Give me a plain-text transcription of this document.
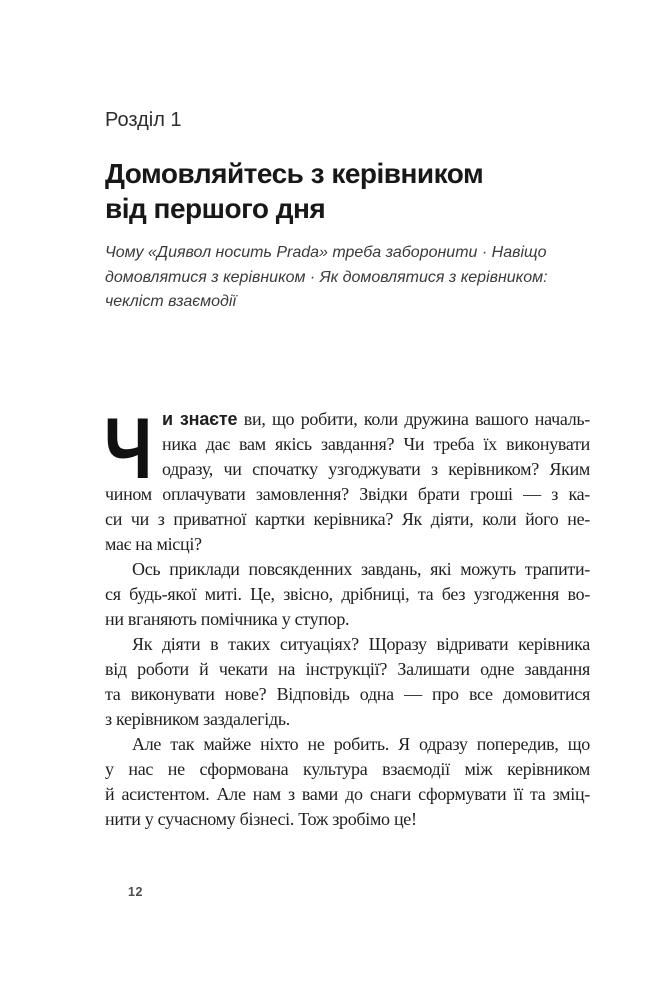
Розділ 1
Домовляйтесь з керівником
від першого дня
Чому «Диявол носить Prada» треба заборонити · Навіщо
домовлятися з керівником · Як домовлятися з керівником:
чекліст взаємодії
Ч и знаєте ви, що робити, коли дружина вашого началь-
ника дає вам якісь завдання? Чи треба їх виконувати
одразу, чи спочатку узгоджувати з керівником? Яким
чином оплачувати замовлення? Звідки брати гроші — з ка-
си чи з приватної картки керівника? Як діяти, коли його не-
має на місці?
Ось приклади повсякденних завдань, які можуть трапити-
ся будь-якої миті. Це, звісно, дрібниці, та без узгодження во-
ни вганяють помічника у ступор.
Як діяти в таких ситуаціях? Щоразу відривати керівника
від роботи й чекати на інструкції? Залишати одне завдання
та виконувати нове? Відповідь одна — про все домовитися
з керівником заздалегідь.
Але так майже ніхто не робить. Я одразу попередив, що
у нас не сформована культура взаємодії між керівником
й асистентом. Але нам з вами до снаги сформувати її та зміц-
нити у сучасному бізнесі. Тож зробімо це!
12
